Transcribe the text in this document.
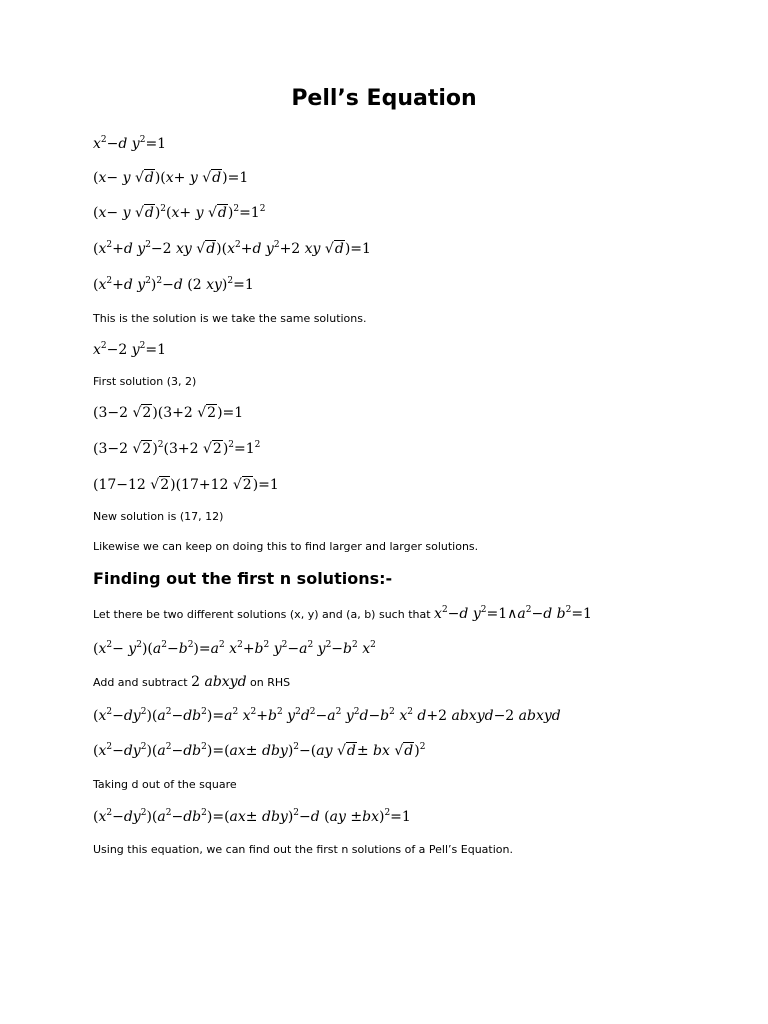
Pell’s Equation
$x^2-d$ $y^2=1$
(x− y √d)(x+ y √d)=1
(x− y √d)$^2$(x+ y $√d)^2=1^2$
($x^2+d$ $y^2-2$ xy $√d)(x^2+d$ $y^2+2$ xy √d)=1
($x^2+d$ $y^2)^2-d$ (2 xy)$^2$=1
This is the solution is we take the same solutions.
$x^2-2$ $y^2=1$
First solution (3, 2)
(3−2 √2)(3+2 √2)=1
(3−2 √2)$^2$(3+2 $√2)^2=1^2$
(17−12 √2)(17+12 √2)=1
New solution is (17, 12)
Likewise we can keep on doing this to find larger and larger solutions.
Finding out the first n solutions:-
Let there be two different solutions (x, y) and (a, b) such that $x^2-d$ $y^2=1\wedge a^2-d$ $b^2=1$
$(x^2- y^2)(a^2-b^2)=a^2$ $x^2+b^2$ $y^2-a^2$ $y^2-b^2$ $x^2$
Add and subtract 2 abxyd on RHS
$(x^2-dy^2)(a^2-db^2)=a^2$ $x^2+b^2$ $y^2d^2-a^2$ $y^2d-b^2$ $x^2$ d+2 abxyd−2 abxyd
$(x^2-dy^2)(a^2-db^2)=(ax\pm dby)^2-(ay$ √d± bx √d)$^2$
Taking d out of the square
$(x^2-dy^2)(a^2-db^2)=(ax\pm dby)^2-d$ (ay ±bx)$^2$=1
Using this equation, we can find out the first n solutions of a Pell’s Equation.
